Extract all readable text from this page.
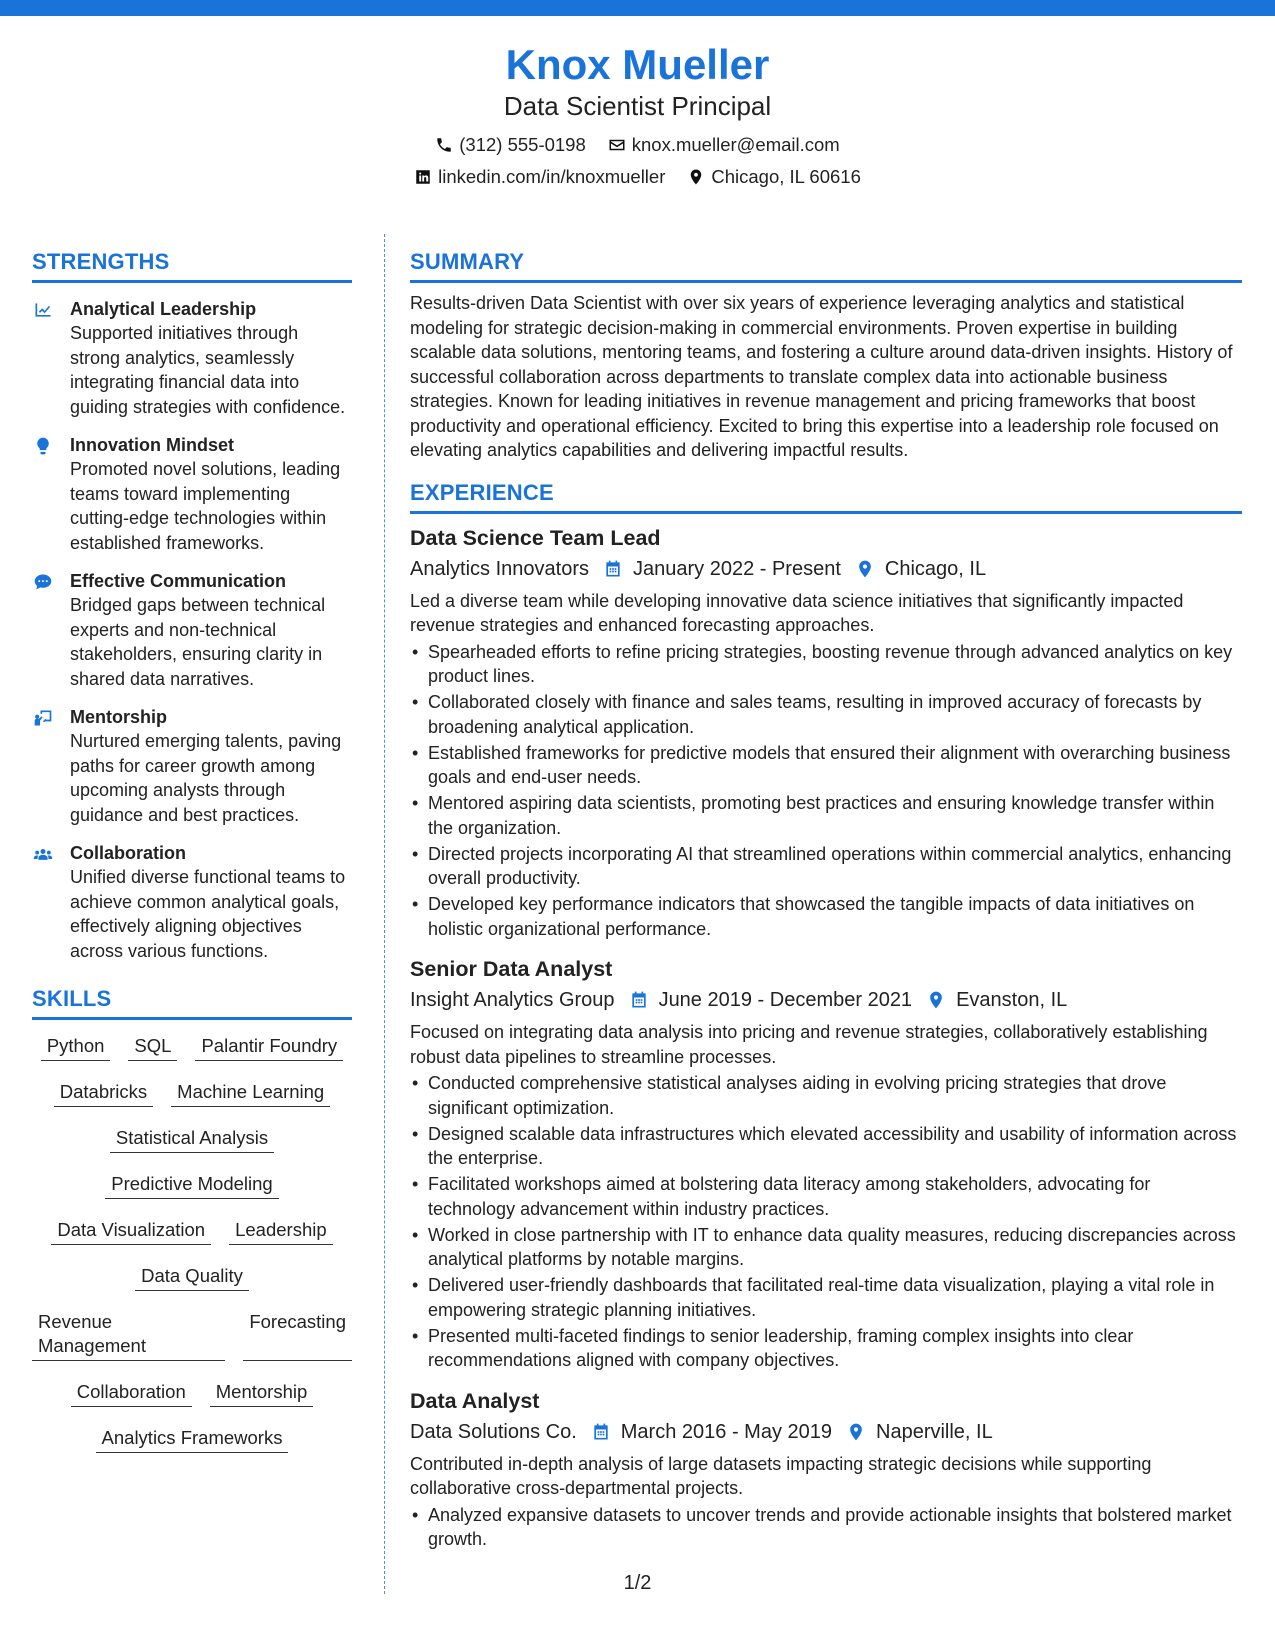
Knox Mueller
Data Scientist Principal
(312) 555-0198 knox.mueller@email.com
linkedin.com/in/knoxmueller Chicago, IL 60616
STRENGTHS
Analytical Leadership
Supported initiatives through strong analytics, seamlessly integrating financial data into guiding strategies with confidence.
Innovation Mindset
Promoted novel solutions, leading teams toward implementing cutting-edge technologies within established frameworks.
Effective Communication
Bridged gaps between technical experts and non-technical stakeholders, ensuring clarity in shared data narratives.
Mentorship
Nurtured emerging talents, paving paths for career growth among upcoming analysts through guidance and best practices.
Collaboration
Unified diverse functional teams to achieve common analytical goals, effectively aligning objectives across various functions.
SKILLS
Python	SQL	Palantir Foundry
Databricks	Machine Learning
Statistical Analysis
Predictive Modeling
Data Visualization	Leadership
Data Quality
Revenue Management
Forecasting
Collaboration	Mentorship
Analytics Frameworks
SUMMARY
Results-driven Data Scientist with over six years of experience leveraging analytics and statistical modeling for strategic decision-making in commercial environments. Proven expertise in building scalable data solutions, mentoring teams, and fostering a culture around data-driven insights. History of successful collaboration across departments to translate complex data into actionable business strategies. Known for leading initiatives in revenue management and pricing frameworks that boost productivity and operational efficiency. Excited to bring this expertise into a leadership role focused on elevating analytics capabilities and delivering impactful results.
EXPERIENCE
Data Science Team Lead
Analytics Innovators January 2022 - Present Chicago, IL
Led a diverse team while developing innovative data science initiatives that significantly impacted revenue strategies and enhanced forecasting approaches.
• Spearheaded efforts to refine pricing strategies, boosting revenue through advanced analytics on key product lines.
• Collaborated closely with finance and sales teams, resulting in improved accuracy of forecasts by broadening analytical application.
• Established frameworks for predictive models that ensured their alignment with overarching business goals and end-user needs.
• Mentored aspiring data scientists, promoting best practices and ensuring knowledge transfer within the organization.
• Directed projects incorporating AI that streamlined operations within commercial analytics, enhancing overall productivity.
• Developed key performance indicators that showcased the tangible impacts of data initiatives on holistic organizational performance.
Senior Data Analyst
Insight Analytics Group June 2019 - December 2021 Evanston, IL
Focused on integrating data analysis into pricing and revenue strategies, collaboratively establishing robust data pipelines to streamline processes.
• Conducted comprehensive statistical analyses aiding in evolving pricing strategies that drove significant optimization.
• Designed scalable data infrastructures which elevated accessibility and usability of information across the enterprise.
• Facilitated workshops aimed at bolstering data literacy among stakeholders, advocating for technology advancement within industry practices.
• Worked in close partnership with IT to enhance data quality measures, reducing discrepancies across analytical platforms by notable margins.
• Delivered user-friendly dashboards that facilitated real-time data visualization, playing a vital role in empowering strategic planning initiatives.
• Presented multi-faceted findings to senior leadership, framing complex insights into clear recommendations aligned with company objectives.
Data Analyst
Data Solutions Co. March 2016 - May 2019 Naperville, IL
Contributed in-depth analysis of large datasets impacting strategic decisions while supporting collaborative cross-departmental projects.
• Analyzed expansive datasets to uncover trends and provide actionable insights that bolstered market growth.
1/2
